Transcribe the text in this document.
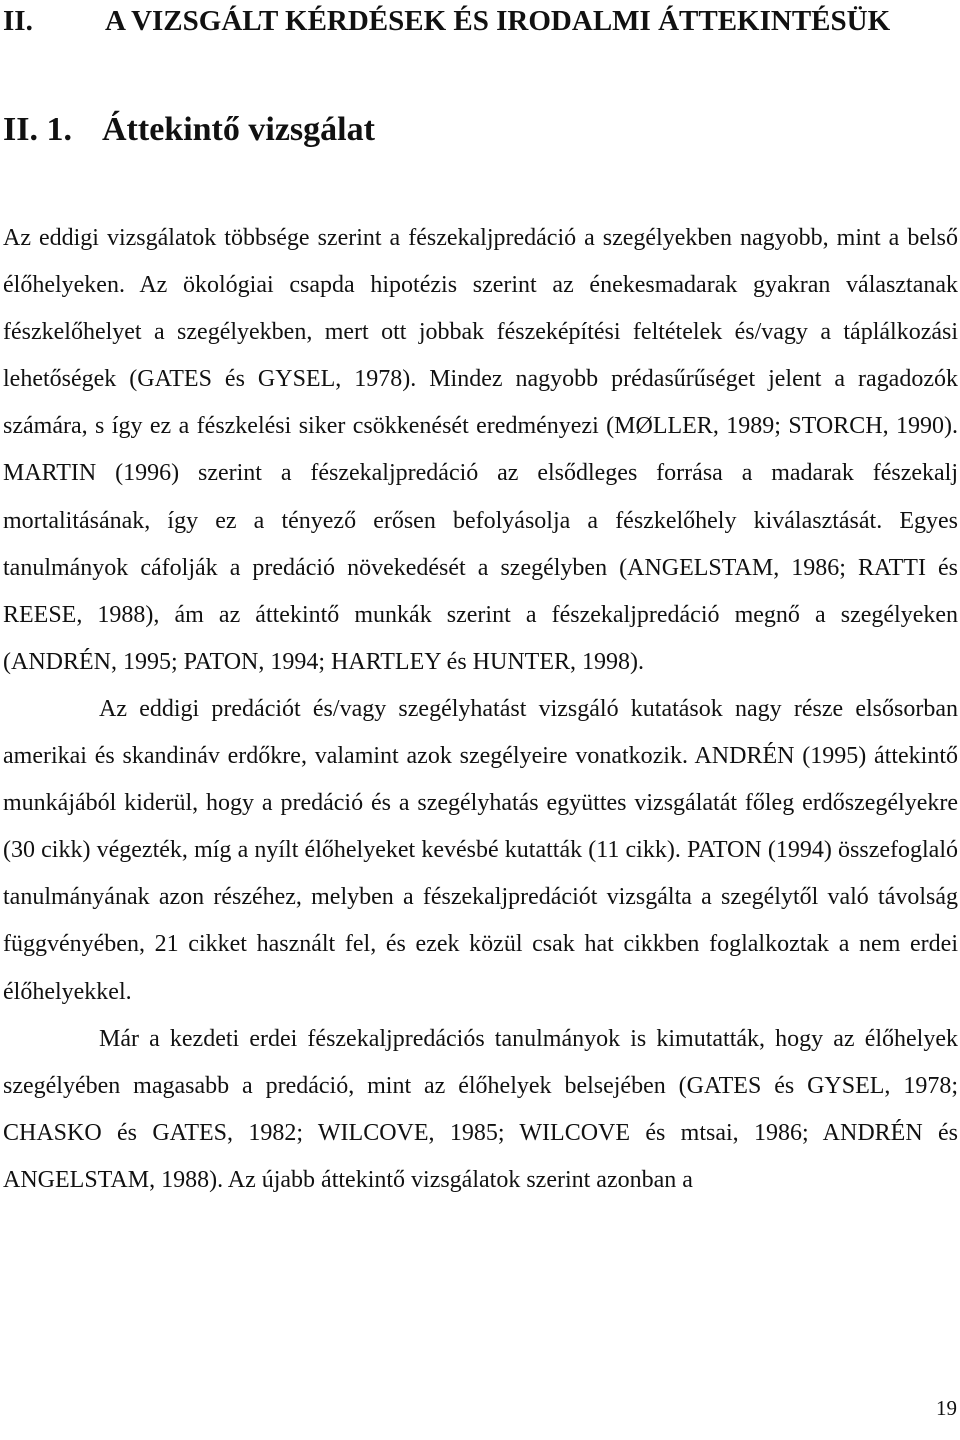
II. A VIZSGÁLT KÉRDÉSEK ÉS IRODALMI ÁTTEKINTÉSÜK
II. 1. Áttekintő vizsgálat

Az eddigi vizsgálatok többsége szerint a fészekaljpredáció a szegélyekben nagyobb, mint a belső élőhelyeken. Az ökológiai csapda hipotézis szerint az énekesmadarak gyakran választanak fészkelőhelyet a szegélyekben, mert ott jobbak fészeképítési feltételek és/vagy a táplálkozási lehetőségek (GATES és GYSEL, 1978). Mindez nagyobb prédasűrűséget jelent a ragadozók számára, s így ez a fészkelési siker csökkenését eredményezi (MØLLER, 1989; STORCH, 1990). MARTIN (1996) szerint a fészekaljpredáció az elsődleges forrása a madarak fészekalj mortalitásának, így ez a tényező erősen befolyásolja a fészkelőhely kiválasztását. Egyes tanulmányok cáfolják a predáció növekedését a szegélyben (ANGELSTAM, 1986; RATTI és REESE, 1988), ám az áttekintő munkák szerint a fészekaljpredáció megnő a szegélyeken (ANDRÉN, 1995; PATON, 1994; HARTLEY és HUNTER, 1998).

Az eddigi predációt és/vagy szegélyhatást vizsgáló kutatások nagy része elsősorban amerikai és skandináv erdőkre, valamint azok szegélyeire vonatkozik. ANDRÉN (1995) áttekintő munkájából kiderül, hogy a predáció és a szegélyhatás együttes vizsgálatát főleg erdőszegélyekre (30 cikk) végezték, míg a nyílt élőhelyeket kevésbé kutatták (11 cikk). PATON (1994) összefoglaló tanulmányának azon részéhez, melyben a fészekaljpredációt vizsgálta a szegélytől való távolság függvényében, 21 cikket használt fel, és ezek közül csak hat cikkben foglalkoztak a nem erdei élőhelyekkel.

Már a kezdeti erdei fészekaljpredációs tanulmányok is kimutatták, hogy az élőhelyek szegélyében magasabb a predáció, mint az élőhelyek belsejében (GATES és GYSEL, 1978; CHASKO és GATES, 1982; WILCOVE, 1985; WILCOVE és mtsai, 1986; ANDRÉN és ANGELSTAM, 1988). Az újabb áttekintő vizsgálatok szerint azonban a

19
